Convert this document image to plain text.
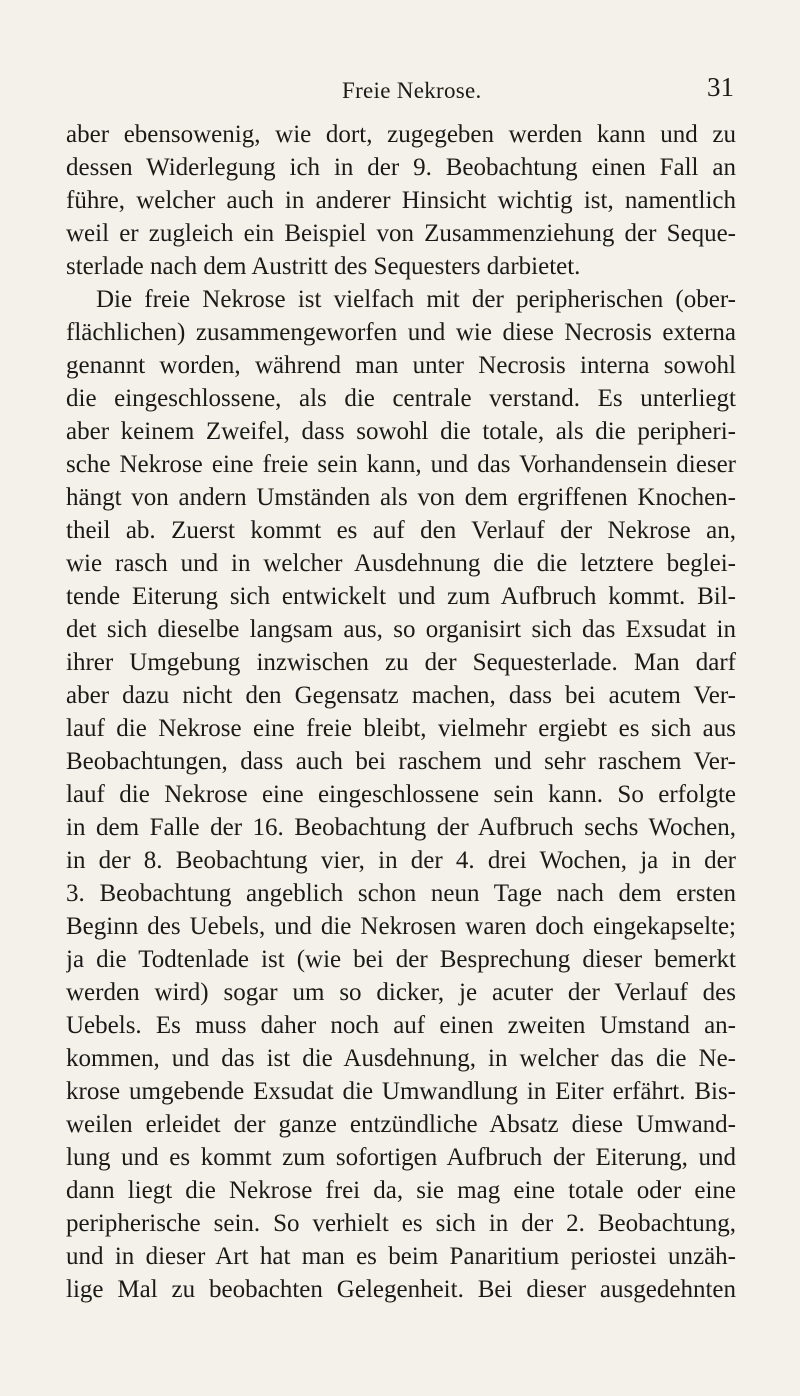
Freie Nekrose.	31
aber ebensowenig, wie dort, zugegeben werden kann und zu
dessen Widerlegung ich in der 9. Beobachtung einen Fall an
führe, welcher auch in anderer Hinsicht wichtig ist, namentlich
weil er zugleich ein Beispiel von Zusammenziehung der Seque-
sterlade nach dem Austritt des Sequesters darbietet.
Die freie Nekrose ist vielfach mit der peripherischen (ober-
flächlichen) zusammengeworfen und wie diese Necrosis externa
genannt worden, während man unter Necrosis interna sowohl
die eingeschlossene, als die centrale verstand. Es unterliegt
aber keinem Zweifel, dass sowohl die totale, als die peripheri-
sche Nekrose eine freie sein kann, und das Vorhandensein dieser
hängt von andern Umständen als von dem ergriffenen Knochen-
theil ab. Zuerst kommt es auf den Verlauf der Nekrose an,
wie rasch und in welcher Ausdehnung die die letztere beglei-
tende Eiterung sich entwickelt und zum Aufbruch kommt. Bil-
det sich dieselbe langsam aus, so organisirt sich das Exsudat in
ihrer Umgebung inzwischen zu der Sequesterlade. Man darf
aber dazu nicht den Gegensatz machen, dass bei acutem Ver-
lauf die Nekrose eine freie bleibt, vielmehr ergiebt es sich aus
Beobachtungen, dass auch bei raschem und sehr raschem Ver-
lauf die Nekrose eine eingeschlossene sein kann. So erfolgte
in dem Falle der 16. Beobachtung der Aufbruch sechs Wochen,
in der 8. Beobachtung vier, in der 4. drei Wochen, ja in der
3. Beobachtung angeblich schon neun Tage nach dem ersten
Beginn des Uebels, und die Nekrosen waren doch eingekapselte;
ja die Todtenlade ist (wie bei der Besprechung dieser bemerkt
werden wird) sogar um so dicker, je acuter der Verlauf des
Uebels. Es muss daher noch auf einen zweiten Umstand an-
kommen, und das ist die Ausdehnung, in welcher das die Ne-
krose umgebende Exsudat die Umwandlung in Eiter erfährt. Bis-
weilen erleidet der ganze entzündliche Absatz diese Umwand-
lung und es kommt zum sofortigen Aufbruch der Eiterung, und
dann liegt die Nekrose frei da, sie mag eine totale oder eine
peripherische sein. So verhielt es sich in der 2. Beobachtung,
und in dieser Art hat man es beim Panaritium periostei unzäh-
lige Mal zu beobachten Gelegenheit. Bei dieser ausgedehnten
